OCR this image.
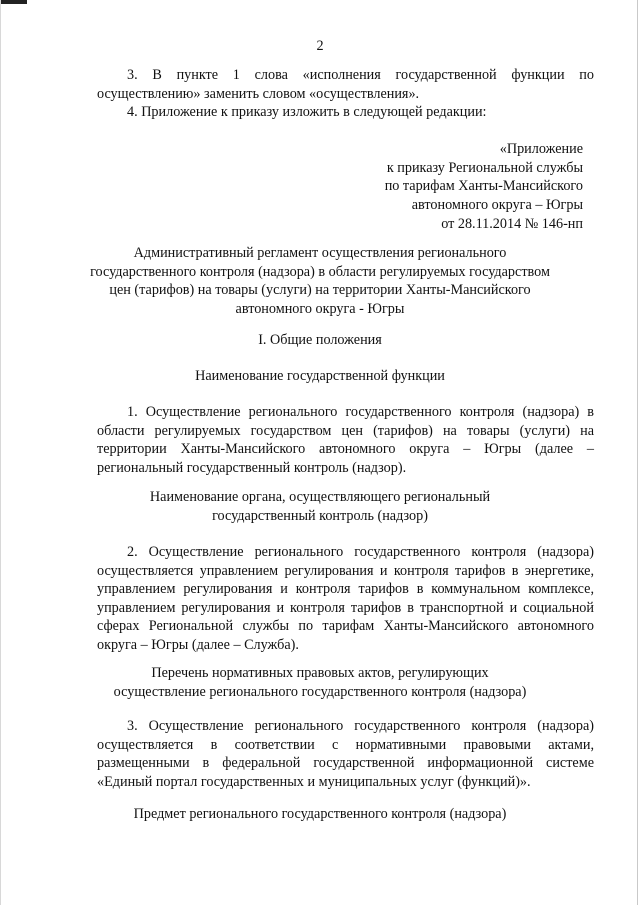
2

3. В пункте 1 слова «исполнения государственной функции по осуществлению» заменить словом «осуществления».

4. Приложение к приказу изложить в следующей редакции:

«Приложение
к приказу Региональной службы
по тарифам Ханты-Мансийского
автономного округа – Югры
от 28.11.2014 № 146-нп
Административный регламент осуществления регионального
государственного контроля (надзора) в области регулируемых государством
цен (тарифов) на товары (услуги) на территории Ханты-Мансийского
автономного округа - Югры
I. Общие положения
Наименование государственной функции

1. Осуществление регионального государственного контроля (надзора) в области регулируемых государством цен (тарифов) на товары (услуги) на территории Ханты-Мансийского автономного округа – Югры (далее – региональный государственный контроль (надзор).

Наименование органа, осуществляющего региональный
государственный контроль (надзор)

2. Осуществление регионального государственного контроля (надзора) осуществляется управлением регулирования и контроля тарифов в энергетике, управлением регулирования и контроля тарифов в коммунальном комплексе, управлением регулирования и контроля тарифов в транспортной и социальной сферах Региональной службы по тарифам Ханты-Мансийского автономного округа – Югры (далее – Служба).

Перечень нормативных правовых актов, регулирующих
осуществление регионального государственного контроля (надзора)

3. Осуществление регионального государственного контроля (надзора) осуществляется в соответствии с нормативными правовыми актами, размещенными в федеральной государственной информационной системе «Единый портал государственных и муниципальных услуг (функций)».

Предмет регионального государственного контроля (надзора)
